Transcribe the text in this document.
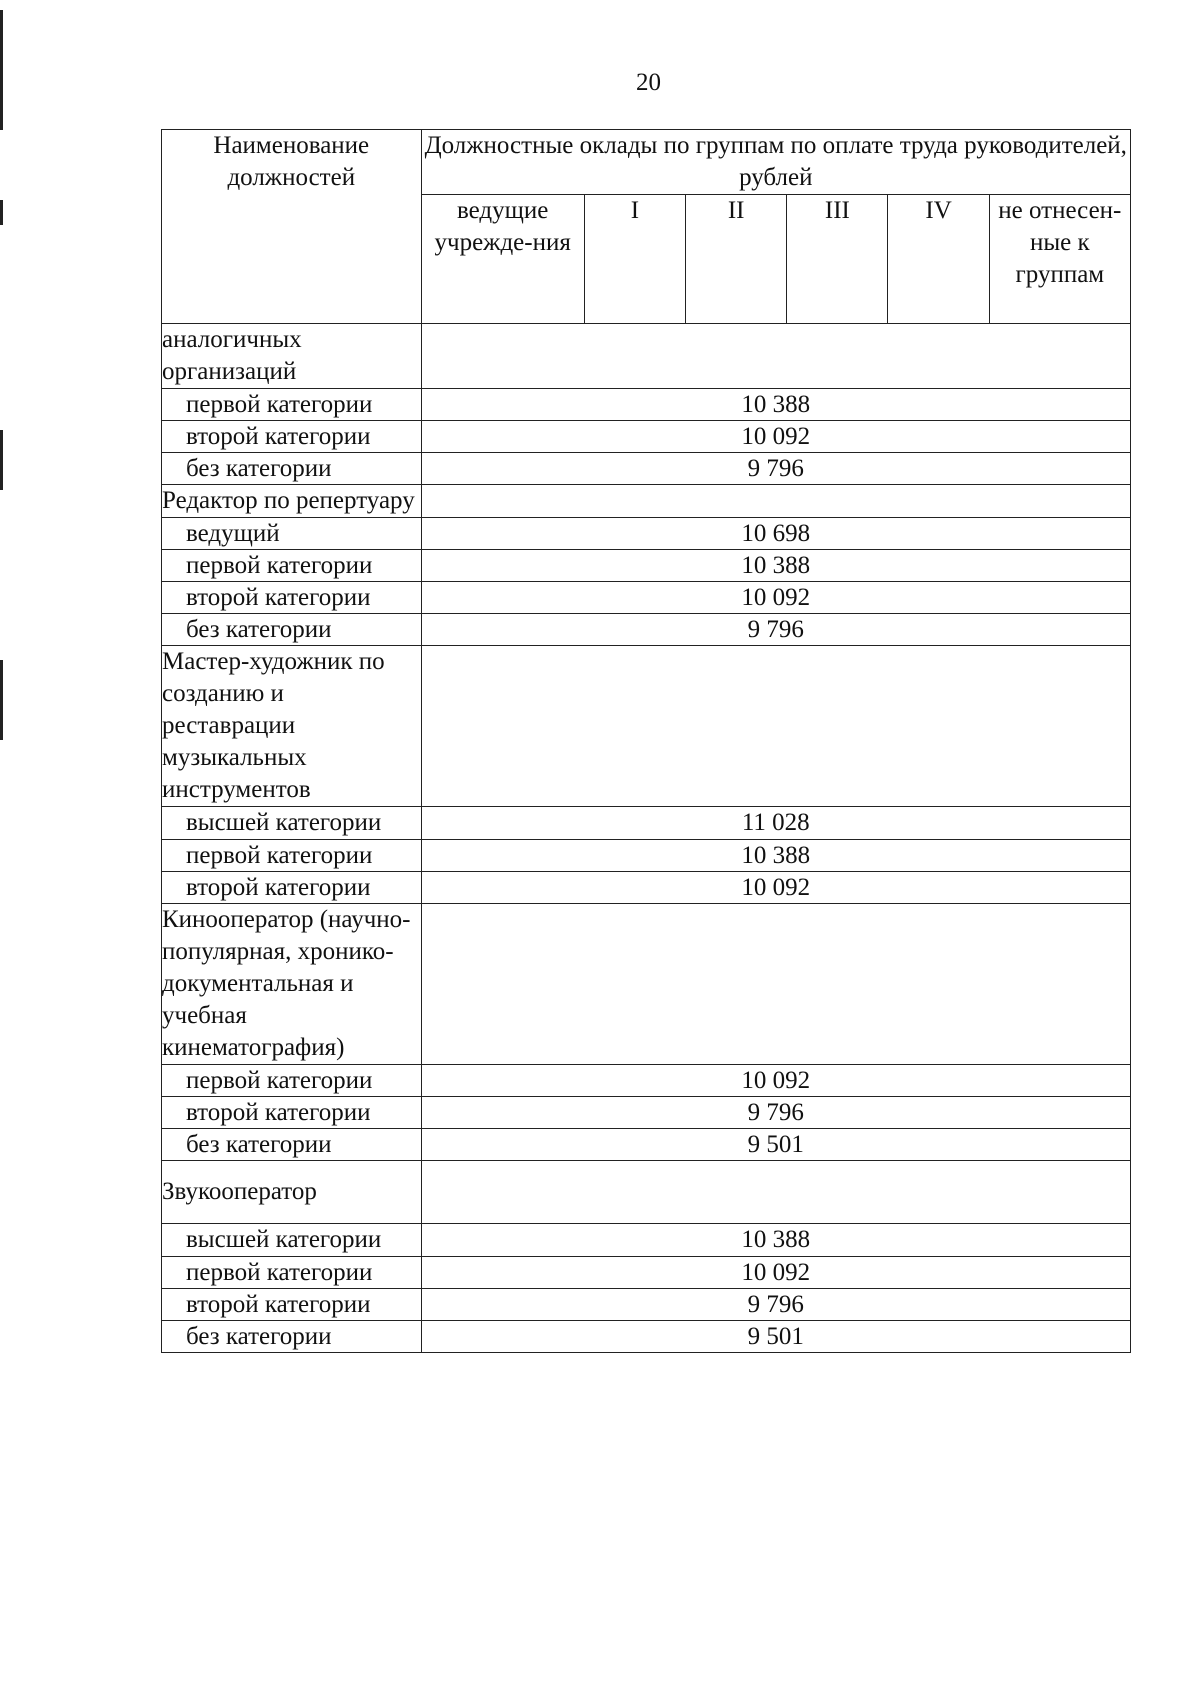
20
Наименование должностей	Должностные оклады по группам по оплате труда руководителей, рублей					
	ведущие учрежде-ния	I	II	III	IV	не отнесен-ные к группам
аналогичных организаций						
первой категории	10 388					
второй категории	10 092					
без категории	9 796					
Редактор по репертуару						
ведущий	10 698					
первой категории	10 388					
второй категории	10 092					
без категории	9 796					
Мастер-художник по созданию и реставрации музыкальных инструментов						
высшей категории	11 028					
первой категории	10 388					
второй категории	10 092					
Кинооператор (научно-популярная, хронико-документальная и учебная кинематография)						
первой категории	10 092					
второй категории	9 796					
без категории	9 501					
Звукооператор						
высшей категории	10 388					
первой категории	10 092					
второй категории	9 796					
без категории	9 501					
